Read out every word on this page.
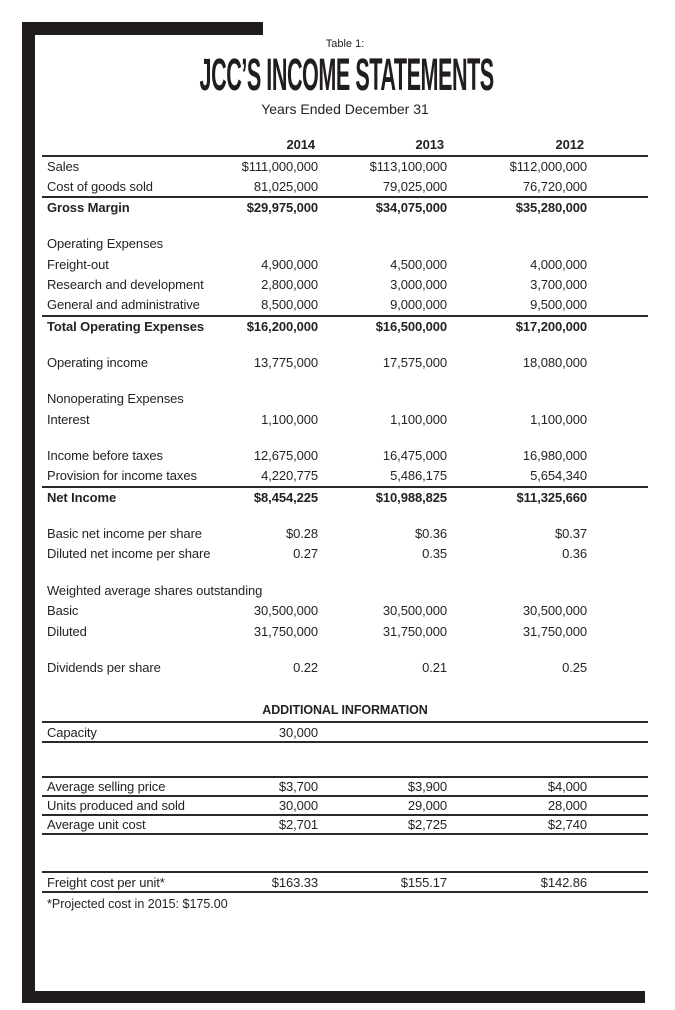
Table 1:
JCC’S INCOME STATEMENTS
Years Ended December 31
	2014	2013	2012	
Sales	$111,000,000	$113,100,000	$112,000,000	
Cost of goods sold	81,025,000	79,025,000	76,720,000	
Gross Margin	$29,975,000	$34,075,000	$35,280,000	

Operating Expenses				
Freight-out	4,900,000	4,500,000	4,000,000	
Research and development	2,800,000	3,000,000	3,700,000	
General and administrative	8,500,000	9,000,000	9,500,000	
Total Operating Expenses	$16,200,000	$16,500,000	$17,200,000	

Operating income	13,775,000	17,575,000	18,080,000	

Nonoperating Expenses				
Interest	1,100,000	1,100,000	1,100,000	

Income before taxes	12,675,000	16,475,000	16,980,000	
Provision for income taxes	4,220,775	5,486,175	5,654,340	
Net Income	$8,454,225	$10,988,825	$11,325,660	

Basic net income per share	$0.28	$0.36	$0.37	
Diluted net income per share	0.27	0.35	0.36	

Weighted average shares outstanding				
Basic	30,500,000	30,500,000	30,500,000	
Diluted	31,750,000	31,750,000	31,750,000	

Dividends per share	0.22	0.21	0.25	
ADDITIONAL INFORMATION				
Capacity	30,000			

Average selling price	$3,700	$3,900	$4,000	
Units produced and sold	30,000	29,000	28,000	
Average unit cost	$2,701	$2,725	$2,740	

Freight cost per unit*	$163.33	$155.17	$142.86	
*Projected cost in 2015: $175.00
